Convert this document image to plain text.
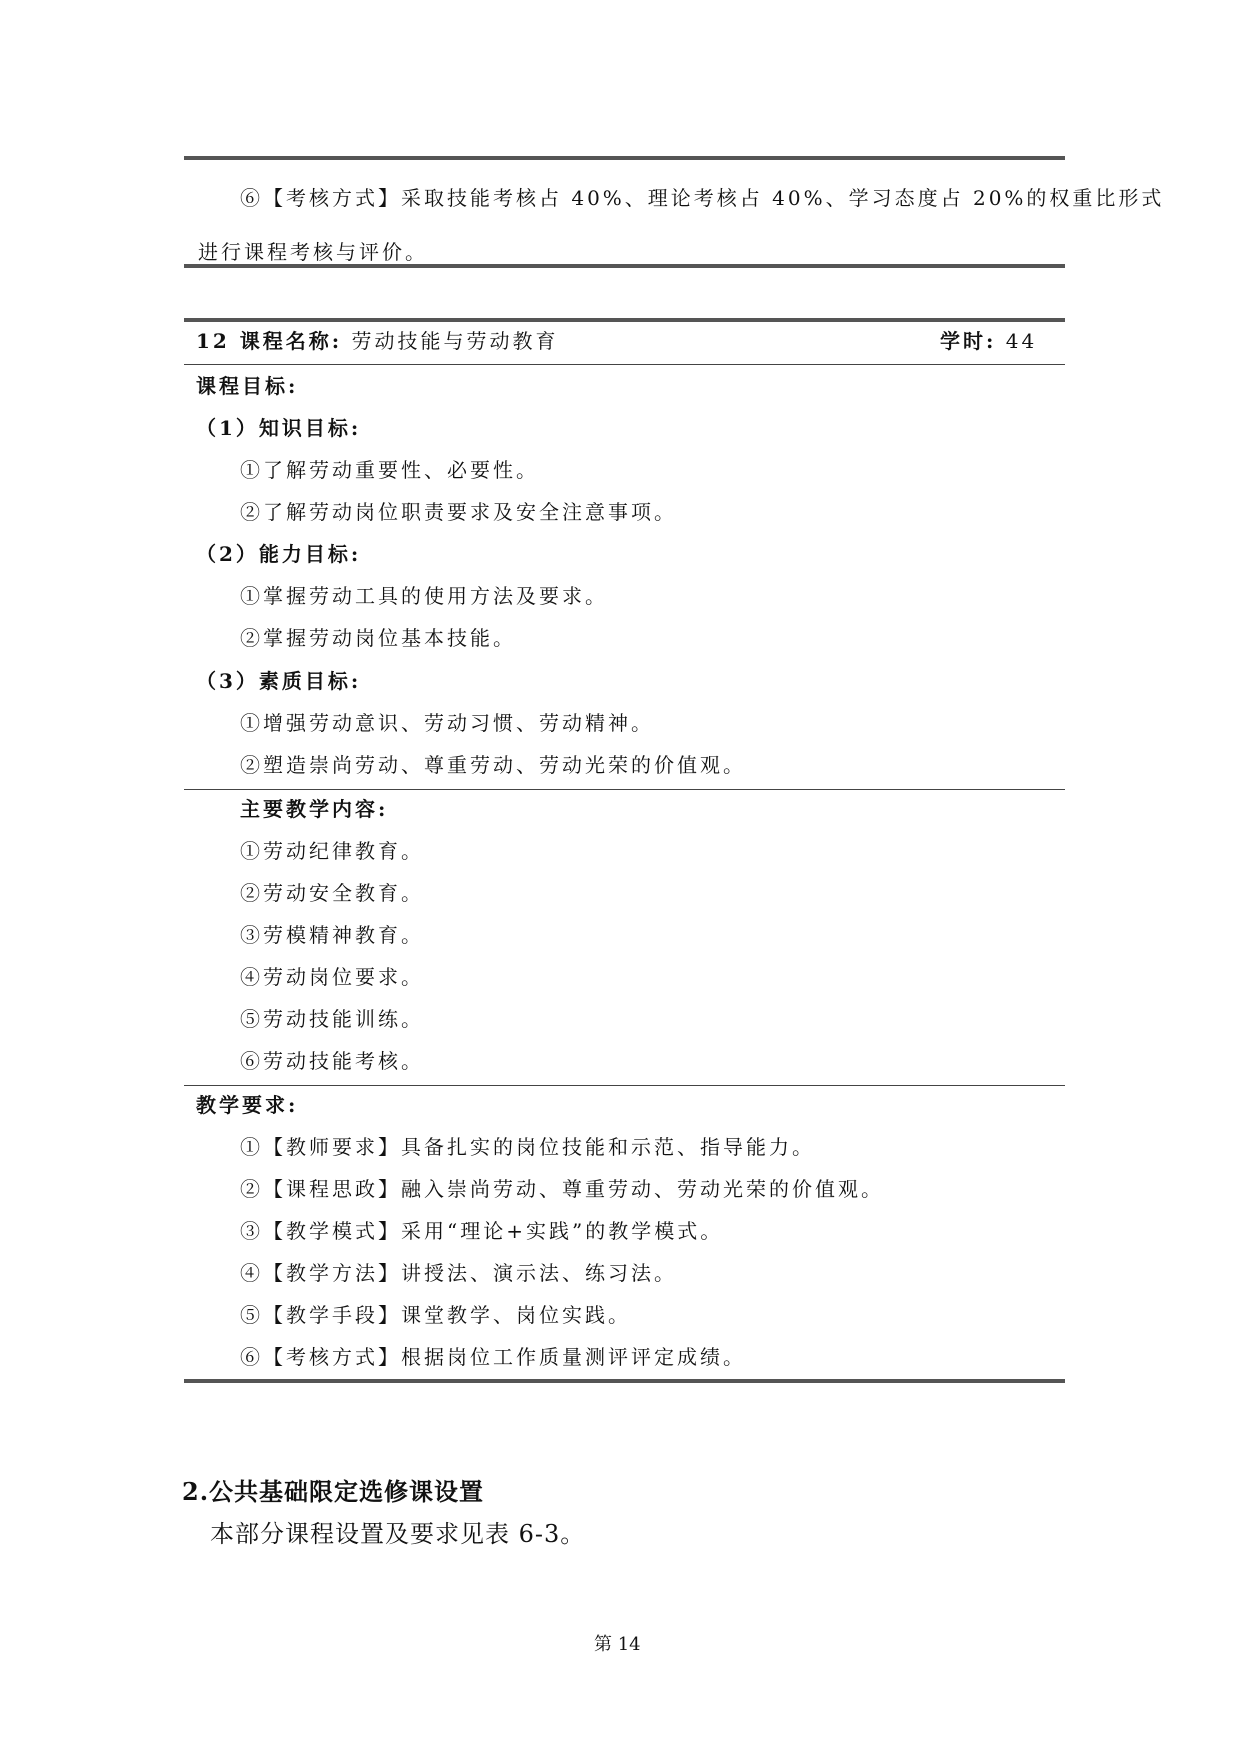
⑥【考核方式】采取技能考核占 40%、理论考核占 40%、学习态度占 20%的权重比形式
进行课程考核与评价。
12 课程名称: 劳动技能与劳动教育	学时: 44
课程目标:
（1）知识目标:
①了解劳动重要性、必要性。
②了解劳动岗位职责要求及安全注意事项。
（2）能力目标:
①掌握劳动工具的使用方法及要求。
②掌握劳动岗位基本技能。
（3）素质目标:
①增强劳动意识、劳动习惯、劳动精神。
②塑造崇尚劳动、尊重劳动、劳动光荣的价值观。
主要教学内容:
①劳动纪律教育。
②劳动安全教育。
③劳模精神教育。
④劳动岗位要求。
⑤劳动技能训练。
⑥劳动技能考核。
教学要求:
①【教师要求】具备扎实的岗位技能和示范、指导能力。
②【课程思政】融入崇尚劳动、尊重劳动、劳动光荣的价值观。
③【教学模式】采用“理论+实践”的教学模式。
④【教学方法】讲授法、演示法、练习法。
⑤【教学手段】课堂教学、岗位实践。
⑥【考核方式】根据岗位工作质量测评评定成绩。
2.公共基础限定选修课设置
本部分课程设置及要求见表 6-3。
第 14
